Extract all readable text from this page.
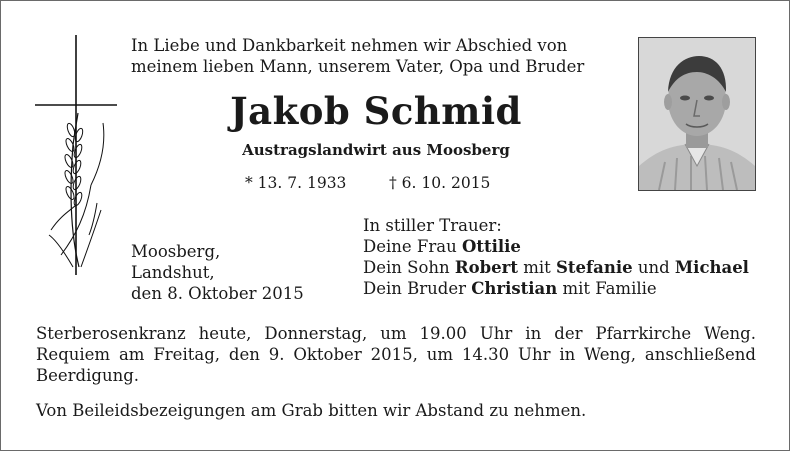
In Liebe und Dankbarkeit nehmen wir Abschied von
meinem lieben Mann, unserem Vater, Opa und Bruder
Jakob Schmid
Austragslandwirt aus Moosberg
* 13. 7. 1933	† 6. 10. 2015
Moosberg,
Landshut,
den 8. Oktober 2015
In stiller Trauer:
Deine Frau Ottilie
Dein Sohn Robert mit Stefanie und Michael
Dein Bruder Christian mit Familie
Sterberosenkranz heute, Donnerstag, um 19.00 Uhr in der Pfarrkirche Weng.
Requiem am Freitag, den 9. Oktober 2015, um 14.30 Uhr in Weng, anschließend
Beerdigung.
Von Beileidsbezeigungen am Grab bitten wir Abstand zu nehmen.
